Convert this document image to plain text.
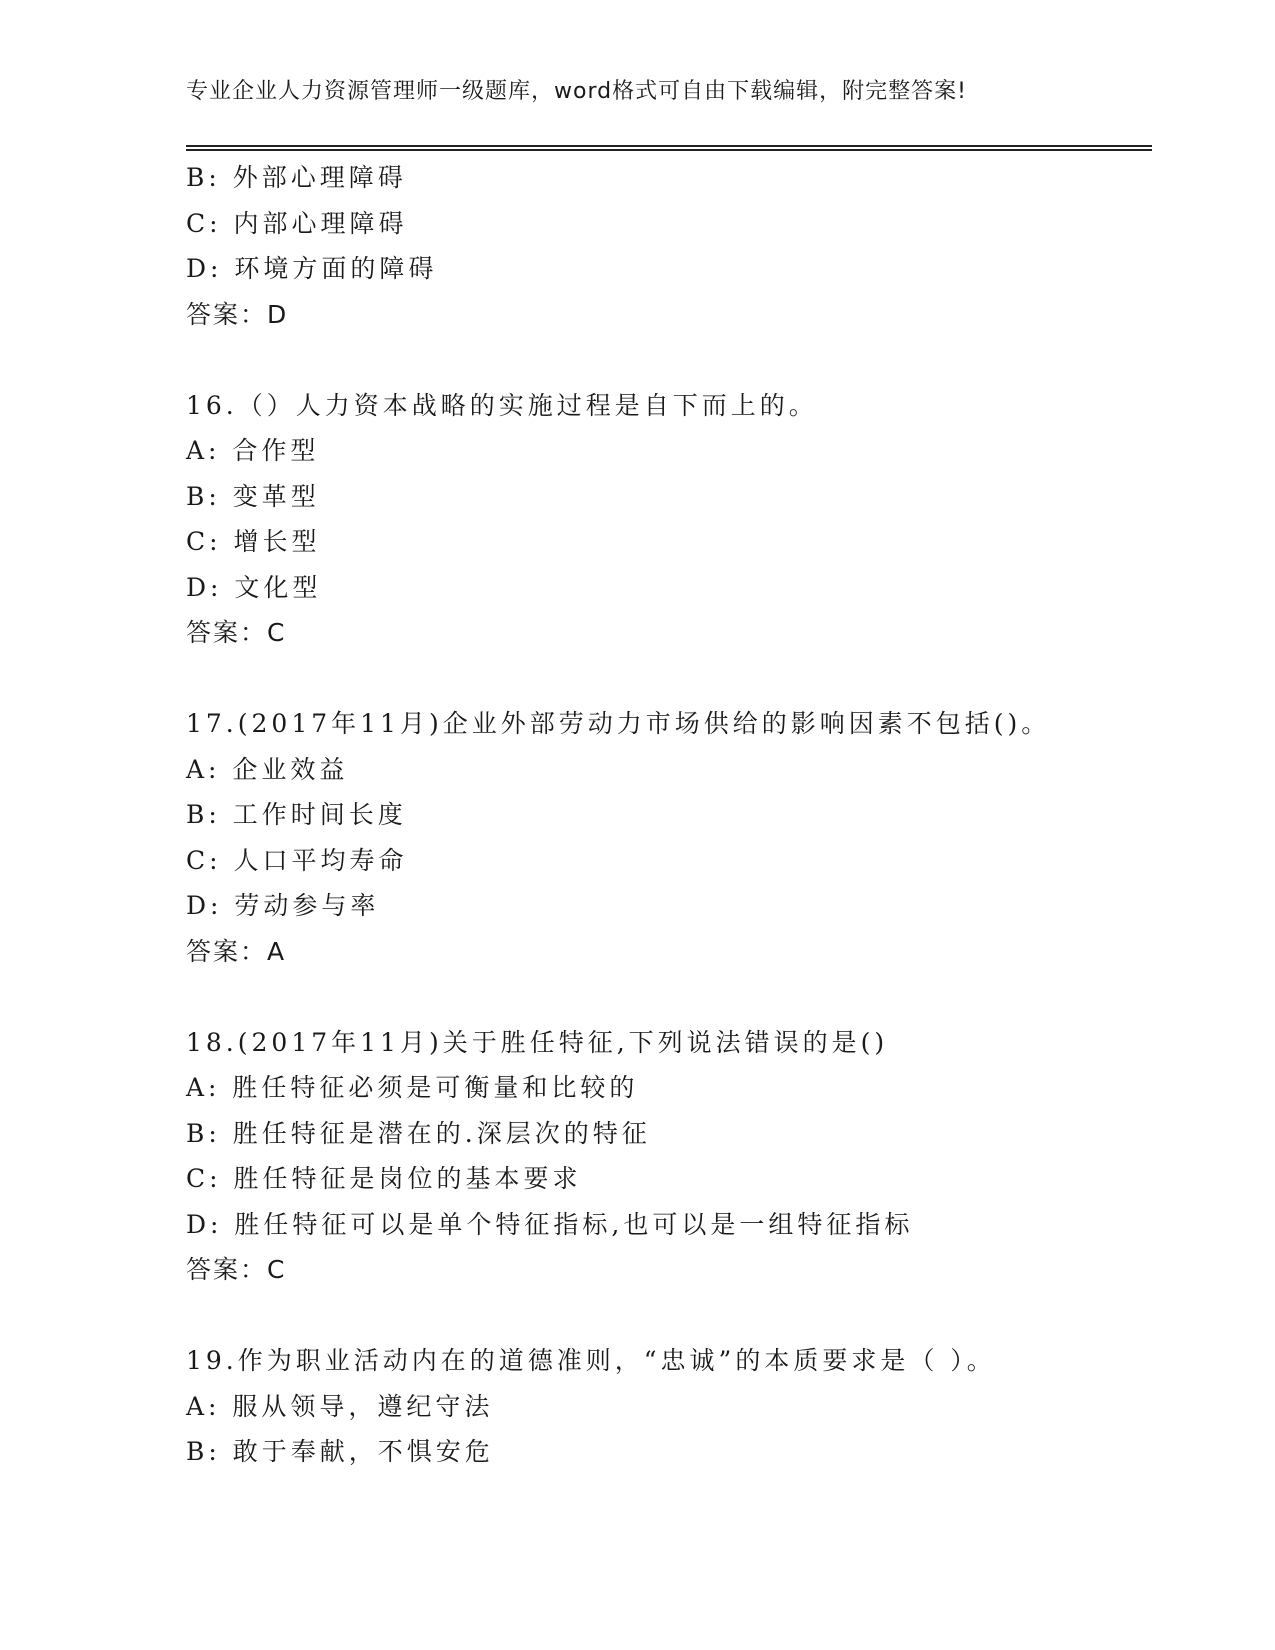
专业企业人力资源管理师一级题库，word格式可自由下载编辑，附完整答案!
B: 外部心理障碍
C: 内部心理障碍
D: 环境方面的障碍
答案：D
16.（）人力资本战略的实施过程是自下而上的。
A: 合作型
B: 变革型
C: 增长型
D: 文化型
答案：C
17.(2017年11月)企业外部劳动力市场供给的影响因素不包括()。
A: 企业效益
B: 工作时间长度
C: 人口平均寿命
D: 劳动参与率
答案：A
18.(2017年11月)关于胜任特征,下列说法错误的是()
A: 胜任特征必须是可衡量和比较的
B: 胜任特征是潜在的.深层次的特征
C: 胜任特征是岗位的基本要求
D: 胜任特征可以是单个特征指标,也可以是一组特征指标
答案：C
19.作为职业活动内在的道德准则，“忠诚”的本质要求是（ ）。
A: 服从领导，遵纪守法
B: 敢于奉献，不惧安危
